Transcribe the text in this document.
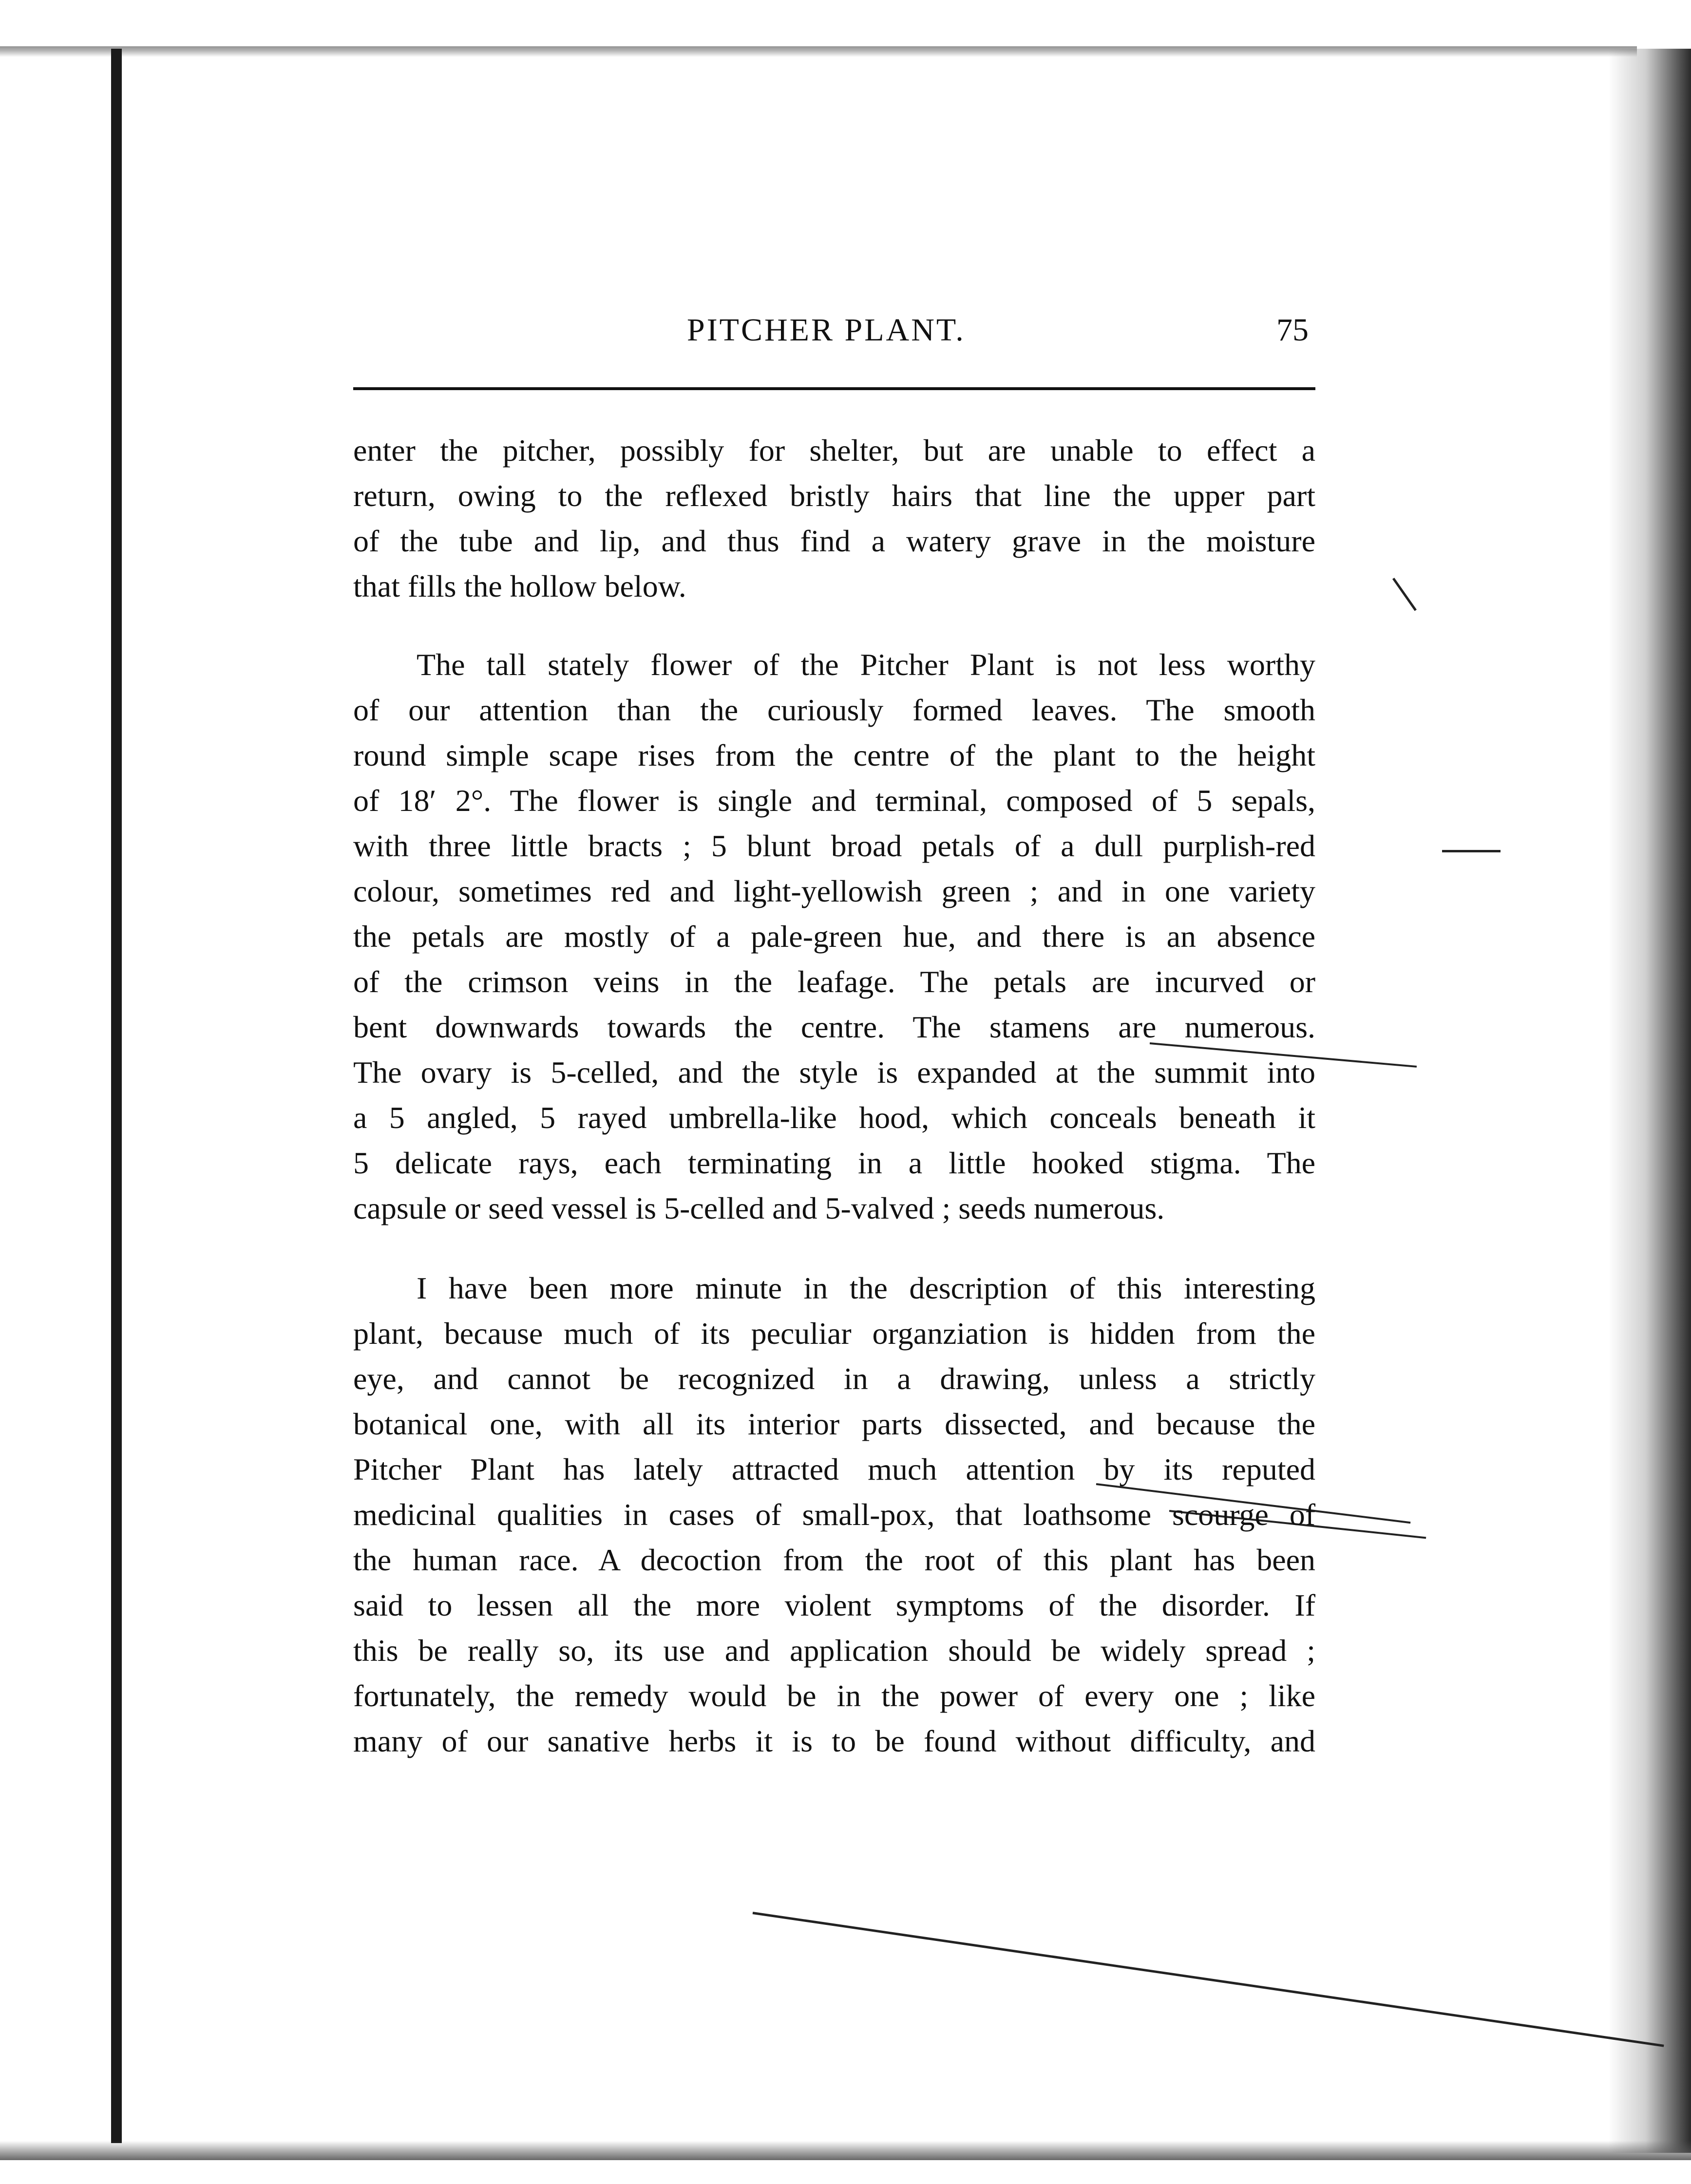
PITCHER PLANT.	75
enter the pitcher, possibly for shelter, but are unable to effect a
return, owing to the reflexed bristly hairs that line the upper part
of the tube and lip, and thus find a watery grave in the moisture
that fills the hollow below.
The tall stately flower of the Pitcher Plant is not less worthy
of our attention than the curiously formed leaves. The smooth
round simple scape rises from the centre of the plant to the height
of 18′ 2°. The flower is single and terminal, composed of 5 sepals,
with three little bracts ; 5 blunt broad petals of a dull purplish-red
colour, sometimes red and light-yellowish green ; and in one variety
the petals are mostly of a pale-green hue, and there is an absence
of the crimson veins in the leafage. The petals are incurved or
bent downwards towards the centre. The stamens are numerous.
The ovary is 5-celled, and the style is expanded at the summit into
a 5 angled, 5 rayed umbrella-like hood, which conceals beneath it
5 delicate rays, each terminating in a little hooked stigma. The
capsule or seed vessel is 5-celled and 5-valved ; seeds numerous.
I have been more minute in the description of this interesting
plant, because much of its peculiar organziation is hidden from the
eye, and cannot be recognized in a drawing, unless a strictly
botanical one, with all its interior parts dissected, and because the
Pitcher Plant has lately attracted much attention by its reputed
medicinal qualities in cases of small-pox, that loathsome scourge of
the human race. A decoction from the root of this plant has been
said to lessen all the more violent symptoms of the disorder. If
this be really so, its use and application should be widely spread ;
fortunately, the remedy would be in the power of every one ; like
many of our sanative herbs it is to be found without difficulty, and
